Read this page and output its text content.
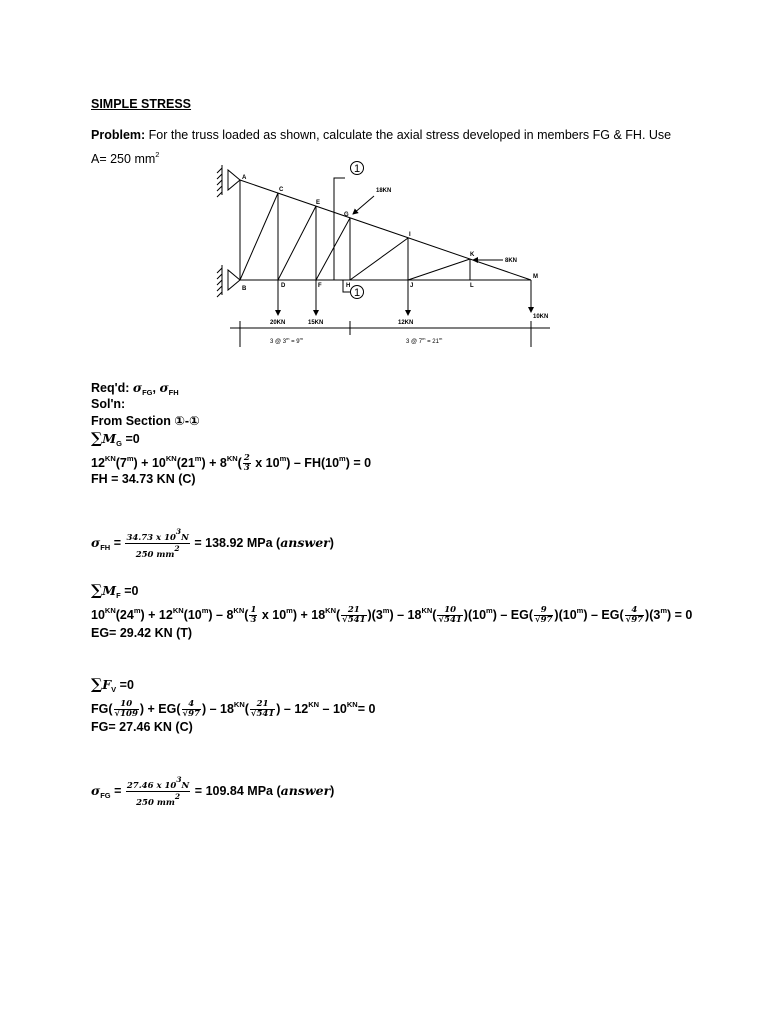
SIMPLE STRESS
Problem: For the truss loaded as shown, calculate the axial stress developed in members FG & FH. Use
A= 250 $mm^2$
A
B
C
D
E
F
G
H
I
J
K
L
M
20KN	15KN	12KN
10KN
18KN
8KN
1
1
3 @ $3^m = 9^m$
3 @ $7^m = 21^m$
Req'd: $\sigma_{FG}$, $\sigma_{FH}$
Sol'n:
From Section ①-①
$\sum M_G =0$
$12^{KN}(7^m) + 10^{KN}(21^m) + 8^{KN}( \frac{2}{3}$ x $10^m) - FH(10^m) = 0$
FH = 34.73 KN (C)
$\sigma_{FH} = \frac{34.73 x 103N}{250 mm2} = 138.92$ MPa (answer)
$\sum M_F =0$
$10^{KN}(24^m) + 12^{KN}(10^m) - 8^{KN}( \frac{1}{3}$ x $10^m) + 18^{KN}( \frac{21}{√541} )(3^m) - 18^{KN}( \frac{10}{√541} )(10^m) - EG( \frac{9}{√97} )(10^m) - EG( \frac{4}{√97} )(3^m) = 0$
EG= 29.42 KN (T)
$\sum F_V =0$
$FG( \frac{10}{√109}$ ) + $EG( \frac{4}{√97}$ ) – $18^{KN}( \frac{21}{√541}$ ) – $12^{KN} - 10^{KN}= 0$
FG= 27.46 KN (C)
$\sigma_{FG} = \frac{27.46 x 103N}{250 mm2} = 109.84$ MPa (answer)
